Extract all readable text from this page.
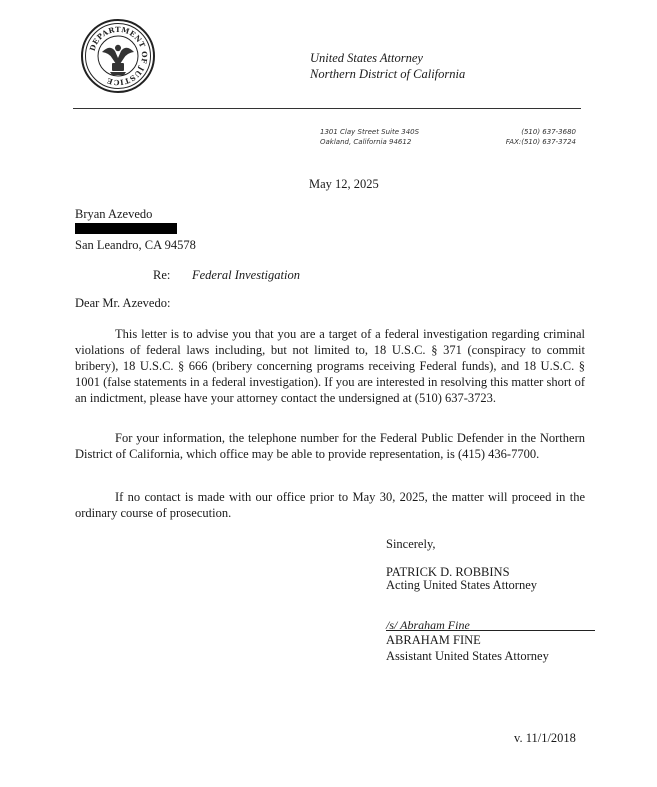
DEPARTMENT OF JUSTICE
United States Attorney
Northern District of California
1301 Clay Street Suite 340S
Oakland, California 94612
(510) 637-3680
FAX:(510) 637-3724
May 12, 2025
Bryan Azevedo
San Leandro, CA 94578
Re: Federal Investigation
Dear Mr. Azevedo:
This letter is to advise you that you are a target of a federal investigation regarding criminal violations of federal laws including, but not limited to, 18 U.S.C. § 371 (conspiracy to commit bribery), 18 U.S.C. § 666 (bribery concerning programs receiving Federal funds), and 18 U.S.C. § 1001 (false statements in a federal investigation). If you are interested in resolving this matter short of an indictment, please have your attorney contact the undersigned at (510) 637-3723.
For your information, the telephone number for the Federal Public Defender in the Northern District of California, which office may be able to provide representation, is (415) 436-7700.
If no contact is made with our office prior to May 30, 2025, the matter will proceed in the ordinary course of prosecution.
Sincerely,
PATRICK D. ROBBINS
Acting United States Attorney
/s/ Abraham Fine
ABRAHAM FINE
Assistant United States Attorney
v. 11/1/2018
